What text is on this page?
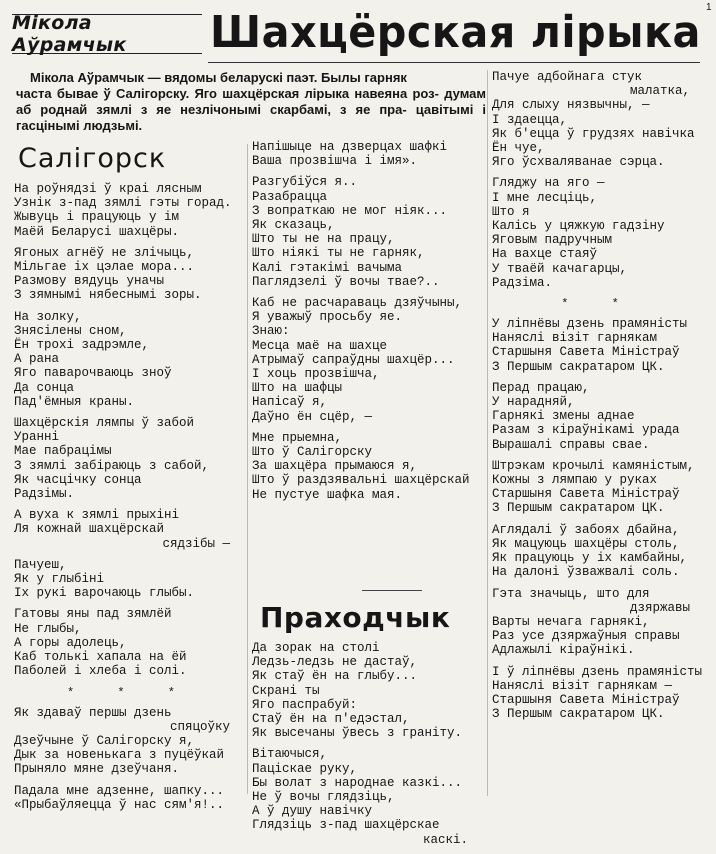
Мікола Аўрамчык	Шахцёрская лірыка 1
Мікола Аўрамчык — вядомы беларускі паэт. Былы гарняк
часта бывае ў Салігорску. Яго шахцёрская лірыка навеяна роз- думам аб роднай зямлі з яе незлічонымі скарбамі, з яе пра- цавітымі і гасцінымі людзьмі.
Салігорск
На роўнядзі ў краі лясным
Узнік з-пад зямлі гэты горад.
Жывуць і працуюць у ім
Маёй Беларусі шахцёры.
Ягоных агнёў не злічыць,
Мільгае іх цэлае мора...
Размову вядуць уначы
З зямнымі нябеснымі зоры.
На золку,
Знясілены сном,
Ён трохі задрэмле,
А рана
Яго паварочваюць зноў
Да сонца
Пад'ёмныя краны.
Шахцёрскія лямпы ў забой
Уранні
Мае пабрацімы
З зямлі забіраюць з сабой,
Як часцічку сонца
Радзімы.
А вуха к зямлі прыхіні
Ля кожнай шахцёрскай
сядзібы —
Пачуеш,
Як у глыбіні
Іх рукі варочаюць глыбы.
Гатовы яны пад зямлёй
Не глыбы,
А горы адолець,
Каб толькі хапала на ёй
Паболей і хлеба і солі.
* * *
Як здаваў першы дзень
спяцоўку
Дзеўчыне ў Салігорску я,
Дык за новенькага з пуцёўкай
Прыняло мяне дзеўчаня.
Падала мне адзенне, шапку...
«Прыбаўляецца ў нас сям'я!..
Напішыце на дзверцах шафкі
Ваша прозвішча і імя».
Разгубіўся я..
Разабрацца
З вопраткаю не мог ніяк...
Як сказаць,
Што ты не на працу,
Што ніякі ты не гарняк,
Калі гэтакімі вачыма
Паглядзелі ў вочы твае?..
Каб не расчараваць дзяўчыны,
Я уважыў просьбу яе.
Знаю:
Месца маё на шахце
Атрымаў сапраўдны шахцёр...
І хоць прозвішча,
Што на шафцы
Напісаў я,
Даўно ён сцёр, —
Мне прыемна,
Што ў Салігорску
За шахцёра прымаюся я,
Што ў раздзявальні шахцёрскай
Не пустуе шафка мая.
Праходчык
Да зорак на столі
Ледзь-ледзь не дастаў,
Як стаў ён на глыбу...
Скрані ты
Яго паспрабуй:
Стаў ён на п'едэстал,
Як высечаны ўвесь з граніту.
Вітаючыся,
Паціскае руку,
Бы волат з народнае казкі...
Не ў вочы глядзіць,
А ў душу навічку
Глядзіць з-пад шахцёрскае
каскі.
Пачуе адбойнага стук
малатка,
Для слыху нязвычны, —
І здаецца,
Як б'ецца ў грудзях навічка
Ён чуе,
Яго ўсхваляванае сэрца.
Гляджу на яго —
І мне лесціць,
Што я
Каліcь у цяжкую гадзіну
Яговым падручным
На вахце стаяў
У твaёй качагарцы,
Радзіма.
* *
У ліпнёвы дзень прамяністы
Наняслі візіт гарнякам
Старшыня Савета Міністраў
З Першым сакратаром ЦК.
Перад працаю,
У нарадняй,
Гарнякі змены аднае
Разам з кіраўнікамі урада
Вырашалі справы свае.
Штрэкам крочылі камяністым,
Кожны з лямпаю у руках
Старшыня Савета Міністраў
З Першым сакратаром ЦК.
Аглядалі ў забоях дбайна,
Як мацуюць шахцёры столь,
Як працуюць у іх камбайны,
На далоні ўзважвалі соль.
Гэта значыць, што для
дзяржавы
Варты нечага гарнякі,
Раз усе дзяржаўныя справы
Адлажылі кіраўнікі.
І ў ліпнёвы дзень прамяністы
Наняслі візіт гарнякам —
Старшыня Савета Міністраў
З Першым сакратаром ЦК.
